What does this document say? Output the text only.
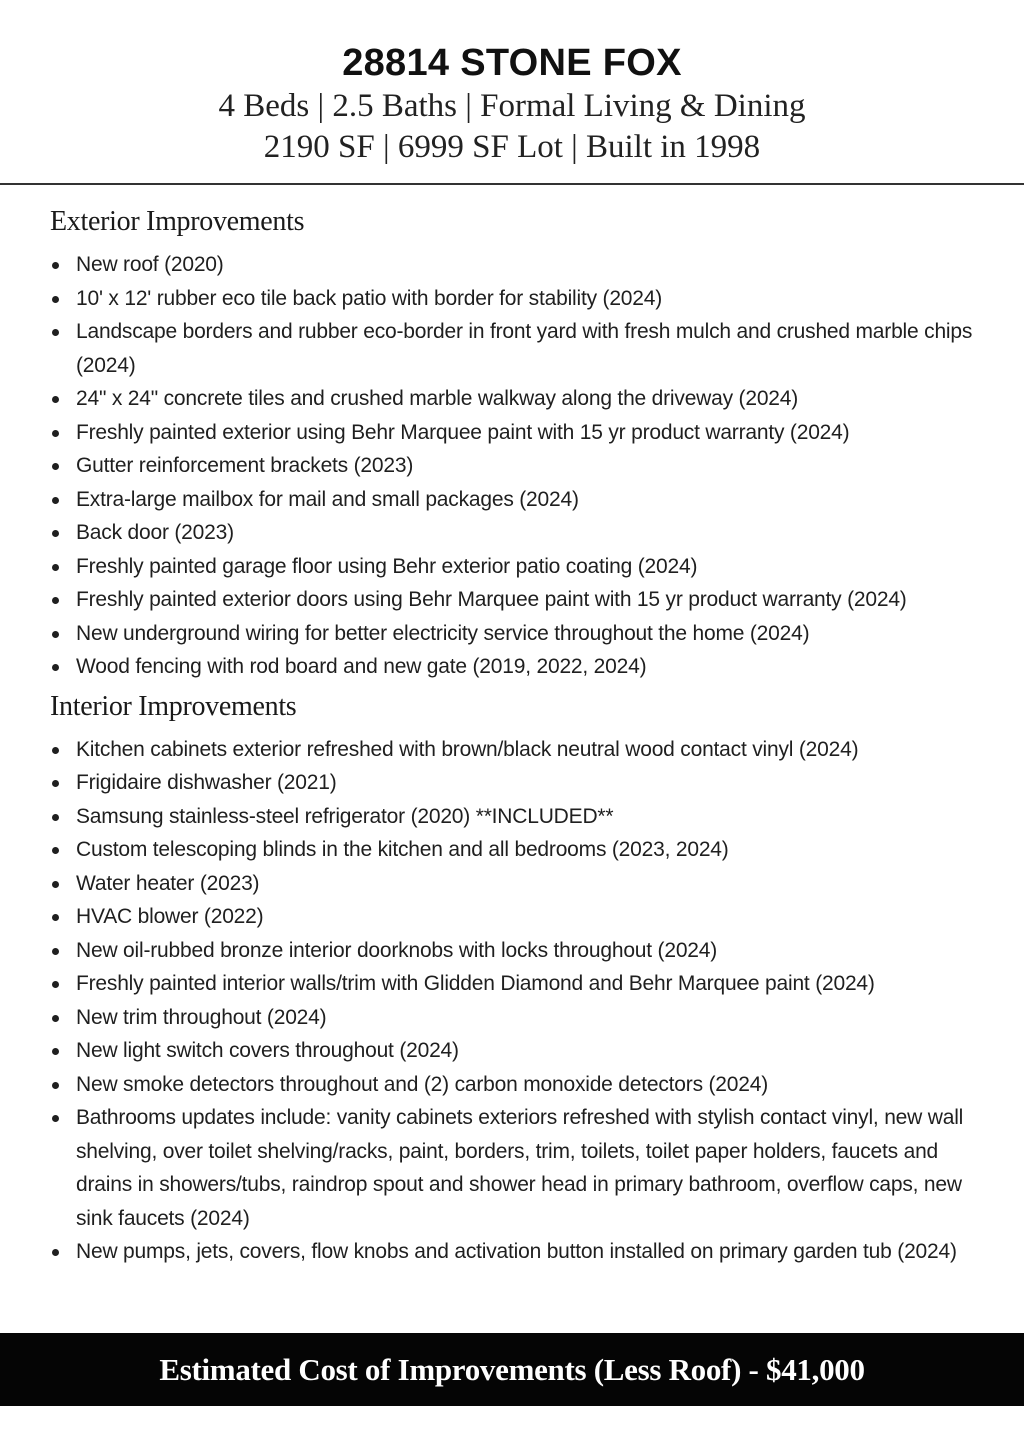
28814 STONE FOX
4 Beds | 2.5 Baths | Formal Living & Dining
2190 SF | 6999 SF Lot | Built in 1998
Exterior Improvements
New roof (2020)
10' x 12' rubber eco tile back patio with border for stability (2024)
Landscape borders and rubber eco-border in front yard with fresh mulch and crushed marble chips (2024)
24" x 24" concrete tiles and crushed marble walkway along the driveway (2024)
Freshly painted exterior using Behr Marquee paint with 15 yr product warranty (2024)
Gutter reinforcement brackets (2023)
Extra-large mailbox for mail and small packages (2024)
Back door (2023)
Freshly painted garage floor using Behr exterior patio coating (2024)
Freshly painted exterior doors using Behr Marquee paint with 15 yr product warranty (2024)
New underground wiring for better electricity service throughout the home (2024)
Wood fencing with rod board and new gate (2019, 2022, 2024)
Interior Improvements
Kitchen cabinets exterior refreshed with brown/black neutral wood contact vinyl (2024)
Frigidaire dishwasher (2021)
Samsung stainless-steel refrigerator (2020) **INCLUDED**
Custom telescoping blinds in the kitchen and all bedrooms (2023, 2024)
Water heater (2023)
HVAC blower (2022)
New oil-rubbed bronze interior doorknobs with locks throughout (2024)
Freshly painted interior walls/trim with Glidden Diamond and Behr Marquee paint (2024)
New trim throughout (2024)
New light switch covers throughout (2024)
New smoke detectors throughout and (2) carbon monoxide detectors (2024)
Bathrooms updates include: vanity cabinets exteriors refreshed with stylish contact vinyl, new wall shelving, over toilet shelving/racks, paint, borders, trim, toilets, toilet paper holders, faucets and drains in showers/tubs, raindrop spout and shower head in primary bathroom, overflow caps, new sink faucets (2024)
New pumps, jets, covers, flow knobs and activation button installed on primary garden tub (2024)
Estimated Cost of Improvements (Less Roof) - $41,000
